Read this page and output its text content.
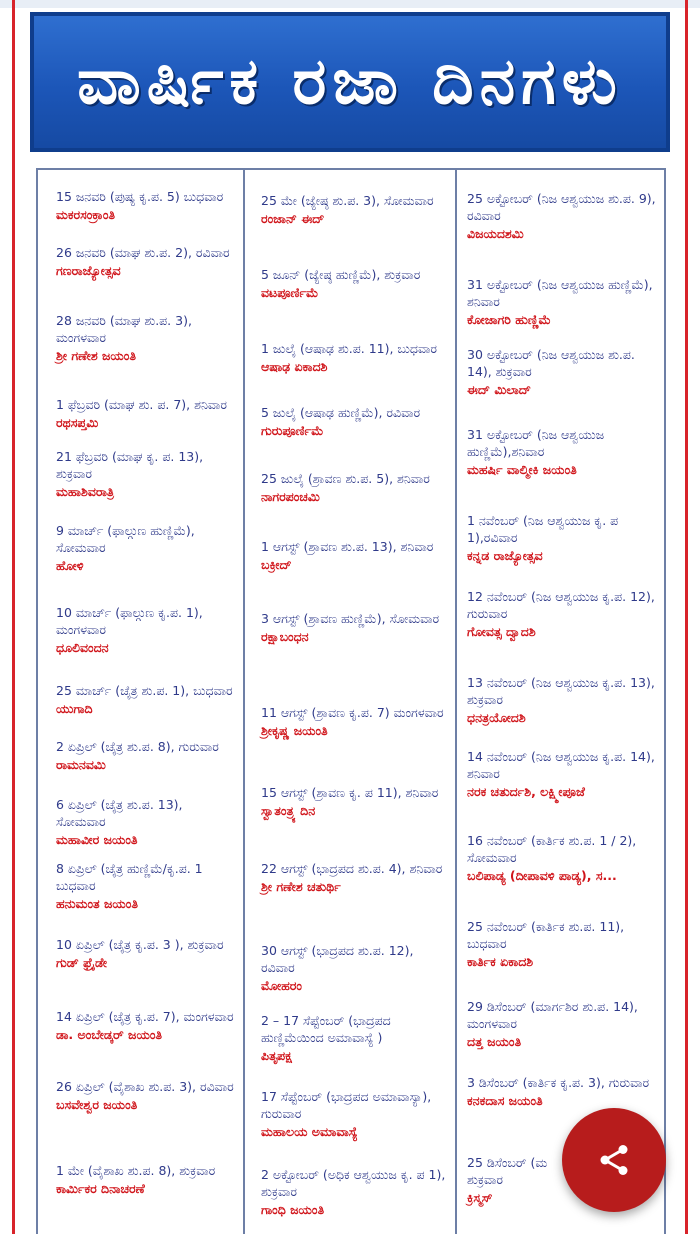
ವಾರ್ಷಿಕ ರಜಾ ದಿನಗಳು
15 ಜನವರಿ (ಪುಷ್ಯ ಕೃ.ಪ. 5) ಬುಧವಾರ
ಮಕರಸಂಕ್ರಾಂತಿ
26 ಜನವರಿ (ಮಾಘ ಶು.ಪ. 2), ರವಿವಾರ
ಗಣರಾಜ್ಯೋತ್ಸವ
28 ಜನವರಿ (ಮಾಘ ಶು.ಪ. 3), ಮಂಗಳವಾರ
ಶ್ರೀ ಗಣೇಶ ಜಯಂತಿ
1 ಫೆಬ್ರವರಿ (ಮಾಘ ಶು. ಪ. 7), ಶನಿವಾರ
ರಥಸಪ್ತಮಿ
21 ಫೆಬ್ರವರಿ (ಮಾಘ ಕೃ. ಪ. 13), ಶುಕ್ರವಾರ
ಮಹಾಶಿವರಾತ್ರಿ
9 ಮಾರ್ಚ್ (ಫಾಲ್ಗುಣ ಹುಣ್ಣಿಮೆ), ಸೋಮವಾರ
ಹೋಳಿ
10 ಮಾರ್ಚ್ (ಫಾಲ್ಗುಣ ಕೃ.ಪ. 1), ಮಂಗಳವಾರ
ಧೂಲಿವಂದನ
25 ಮಾರ್ಚ್ (ಚೈತ್ರ ಶು.ಪ. 1), ಬುಧವಾರ
ಯುಗಾದಿ
2 ಏಪ್ರಿಲ್ (ಚೈತ್ರ ಶು.ಪ. 8), ಗುರುವಾರ
ರಾಮನವಮಿ
6 ಏಪ್ರಿಲ್ (ಚೈತ್ರ ಶು.ಪ. 13), ಸೋಮವಾರ
ಮಹಾವೀರ ಜಯಂತಿ
8 ಏಪ್ರಿಲ್ (ಚೈತ್ರ ಹುಣ್ಣಿಮೆ/ಕೃ.ಪ. 1 ಬುಧವಾರ
ಹನುಮಂತ ಜಯಂತಿ
10 ಏಪ್ರಿಲ್ (ಚೈತ್ರ ಕೃ.ಪ. 3 ), ಶುಕ್ರವಾರ
ಗುಡ್ ಫ್ರೈಡೇ
14 ಏಪ್ರಿಲ್ (ಚೈತ್ರ ಕೃ.ಪ. 7), ಮಂಗಳವಾರ
ಡಾ. ಅಂಬೇಡ್ಕರ್ ಜಯಂತಿ
26 ಏಪ್ರಿಲ್ (ವೈಶಾಖ ಶು.ಪ. 3), ರವಿವಾರ
ಬಸವೇಶ್ವರ ಜಯಂತಿ
1 ಮೇ (ವೈಶಾಖ ಶು.ಪ. 8), ಶುಕ್ರವಾರ
ಕಾರ್ಮಿಕರ ದಿನಾಚರಣೆ
25 ಮೇ (ಜ್ಯೇಷ್ಠ ಶು.ಪ. 3), ಸೋಮವಾರ
ರಂಜಾನ್ ಈದ್
5 ಜೂನ್ (ಜ್ಯೇಷ್ಠ ಹುಣ್ಣಿಮೆ), ಶುಕ್ರವಾರ
ವಟಪೂರ್ಣಿಮೆ
1 ಜುಲೈ (ಆಷಾಢ ಶು.ಪ. 11), ಬುಧವಾರ
ಆಷಾಢ ಏಕಾದಶಿ
5 ಜುಲೈ (ಆಷಾಢ ಹುಣ್ಣಿಮೆ), ರವಿವಾರ
ಗುರುಪೂರ್ಣಿಮೆ
25 ಜುಲೈ (ಶ್ರಾವಣ ಶು.ಪ. 5), ಶನಿವಾರ
ನಾಗರಪಂಚಮಿ
1 ಆಗಸ್ಟ್ (ಶ್ರಾವಣ ಶು.ಪ. 13), ಶನಿವಾರ
ಬಕ್ರೀದ್
3 ಆಗಸ್ಟ್ (ಶ್ರಾವಣ ಹುಣ್ಣಿಮೆ), ಸೋಮವಾರ
ರಕ್ಷಾಬಂಧನ
11 ಆಗಸ್ಟ್ (ಶ್ರಾವಣ ಕೃ.ಪ. 7) ಮಂಗಳವಾರ
ಶ್ರೀಕೃಷ್ಣ ಜಯಂತಿ
15 ಆಗಸ್ಟ್ (ಶ್ರಾವಣ ಕೃ. ಪ 11), ಶನಿವಾರ
ಸ್ವಾತಂತ್ರ್ಯ ದಿನ
22 ಆಗಸ್ಟ್ (ಭಾದ್ರಪದ ಶು.ಪ. 4), ಶನಿವಾರ
ಶ್ರೀ ಗಣೇಶ ಚತುರ್ಥಿ
30 ಆಗಸ್ಟ್ (ಭಾದ್ರಪದ ಶು.ಪ. 12), ರವಿವಾರ
ಮೋಹರಂ
2 – 17 ಸೆಪ್ಟೆಂಬರ್ (ಭಾದ್ರಪದ ಹುಣ್ಣಿಮೆಯಿಂದ ಅಮಾವಾಸ್ಯೆ )
ಪಿತೃಪಕ್ಷ
17 ಸೆಪ್ಟೆಂಬರ್ (ಭಾದ್ರಪದ ಅಮಾವಾಸ್ಯಾ), ಗುರುವಾರ
ಮಹಾಲಯ ಅಮಾವಾಸ್ಯೆ
2 ಅಕ್ಟೋಬರ್ (ಅಧಿಕ ಆಶ್ವಯುಜ ಕೃ. ಪ 1), ಶುಕ್ರವಾರ
ಗಾಂಧಿ ಜಯಂತಿ
25 ಅಕ್ಟೋಬರ್ (ನಿಜ ಆಶ್ವಯುಜ ಶು.ಪ. 9), ರವಿವಾರ
ವಿಜಯದಶಮಿ
31 ಅಕ್ಟೋಬರ್ (ನಿಜ ಆಶ್ವಯುಜ ಹುಣ್ಣಿಮೆ), ಶನಿವಾರ
ಕೋಜಾಗರಿ ಹುಣ್ಣಿಮೆ
30 ಅಕ್ಟೋಬರ್ (ನಿಜ ಆಶ್ವಯುಜ ಶು.ಪ. 14), ಶುಕ್ರವಾರ
ಈದ್ ಮಿಲಾದ್
31 ಅಕ್ಟೋಬರ್ (ನಿಜ ಆಶ್ವಯುಜ ಹುಣ್ಣಿಮೆ),ಶನಿವಾರ
ಮಹರ್ಷಿ ವಾಲ್ಮೀಕಿ ಜಯಂತಿ
1 ನವೆಂಬರ್ (ನಿಜ ಆಶ್ವಯುಜ ಕೃ. ಪ 1),ರವಿವಾರ
ಕನ್ನಡ ರಾಜ್ಯೋತ್ಸವ
12 ನವೆಂಬರ್ (ನಿಜ ಆಶ್ವಯುಜ ಕೃ.ಪ. 12), ಗುರುವಾರ
ಗೋವತ್ಸ ದ್ವಾದಶಿ
13 ನವೆಂಬರ್ (ನಿಜ ಆಶ್ವಯುಜ ಕೃ.ಪ. 13), ಶುಕ್ರವಾರ
ಧನತ್ರಯೋದಶಿ
14 ನವೆಂಬರ್ (ನಿಜ ಆಶ್ವಯುಜ ಕೃ.ಪ. 14), ಶನಿವಾರ
ನರಕ ಚತುರ್ದಶಿ, ಲಕ್ಷ್ಮೀಪೂಜೆ
16 ನವೆಂಬರ್ (ಕಾರ್ತಿಕ ಶು.ಪ. 1 / 2), ಸೋಮವಾರ
ಬಲಿಪಾಡ್ಯ (ದೀಪಾವಳಿ ಪಾಡ್ಯ), ಸ...
25 ನವೆಂಬರ್ (ಕಾರ್ತಿಕ ಶು.ಪ. 11), ಬುಧವಾರ
ಕಾರ್ತಿಕ ಏಕಾದಶಿ
29 ಡಿಸೆಂಬರ್ (ಮಾರ್ಗಶಿರ ಶು.ಪ. 14), ಮಂಗಳವಾರ
ದತ್ತ ಜಯಂತಿ
3 ಡಿಸೆಂಬರ್ (ಕಾರ್ತಿಕ ಕೃ.ಪ. 3), ಗುರುವಾರ
ಕನಕದಾಸ ಜಯಂತಿ
25 ಡಿಸೆಂಬರ್ (ಮ
ಶುಕ್ರವಾರ
ಕ್ರಿಸ್ಮಸ್
